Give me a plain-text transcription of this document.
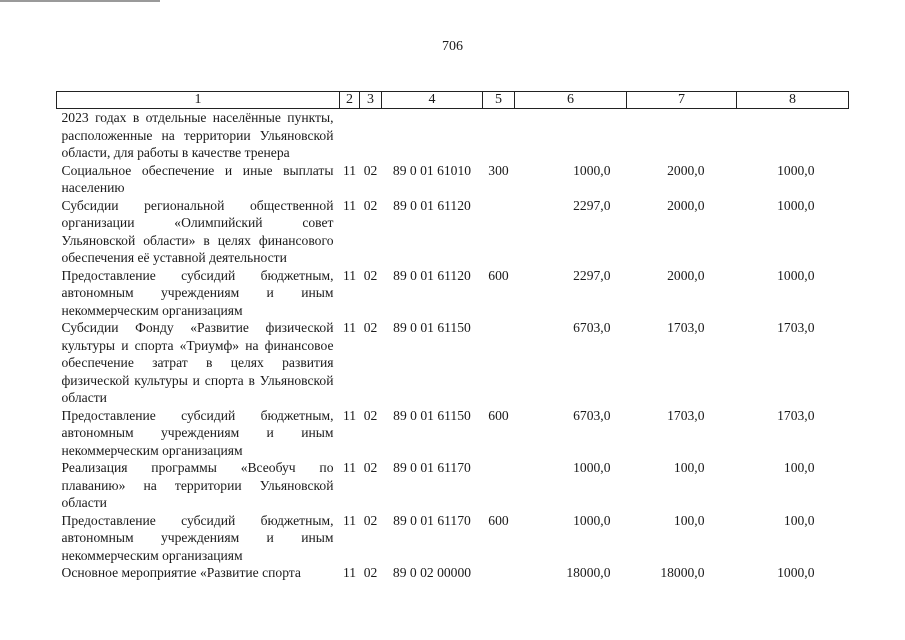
706
1	2	3	4	5	6	7	8
2023 годах в отдельные населённые пункты, расположенные на территории Ульяновской области, для работы в качестве тренера							
Социальное обеспечение и иные выплаты населению	11	02	89 0 01 61010	300	1000,0	2000,0	1000,0
Субсидии региональной общественной организации «Олимпийский совет Ульяновской области» в целях финансового обеспечения её уставной деятельности	11	02	89 0 01 61120		2297,0	2000,0	1000,0
Предоставление субсидий бюджетным, автономным учреждениям и иным некоммерческим организациям	11	02	89 0 01 61120	600	2297,0	2000,0	1000,0
Субсидии Фонду «Развитие физической культуры и спорта «Триумф» на финансовое обеспечение затрат в целях развития физической культуры и спорта в Ульяновской области	11	02	89 0 01 61150		6703,0	1703,0	1703,0
Предоставление субсидий бюджетным, автономным учреждениям и иным некоммерческим организациям	11	02	89 0 01 61150	600	6703,0	1703,0	1703,0
Реализация программы «Всеобуч по плаванию» на территории Ульяновской области	11	02	89 0 01 61170		1000,0	100,0	100,0
Предоставление субсидий бюджетным, автономным учреждениям и иным некоммерческим организациям	11	02	89 0 01 61170	600	1000,0	100,0	100,0
Основное мероприятие «Развитие спорта	11	02	89 0 02 00000		18000,0	18000,0	1000,0
